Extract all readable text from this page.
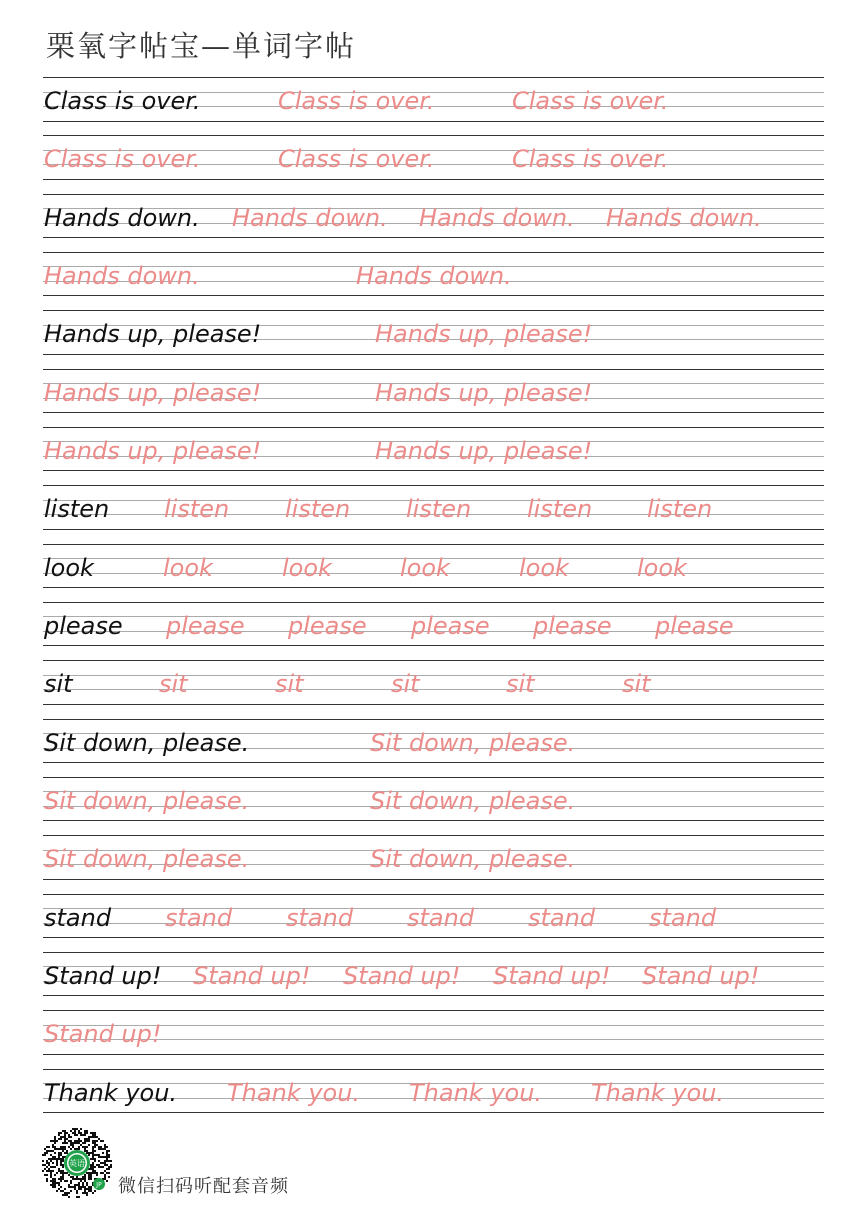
栗氧字帖宝—单词字帖
Class is over.	Class is over.	Class is over.
Class is over.	Class is over.	Class is over.
Hands down. Hands down. Hands down. Hands down.
Hands down.	Hands down.
Hands up, please!	Hands up, please!
Hands up, please!	Hands up, please!
Hands up, please!	Hands up, please!
listen listen listen listen listen listen
look	look	look	look	look	look
please please please please please please
sit	sit	sit	sit	sit	sit
Sit down, please.	Sit down, please.
Sit down, please.	Sit down, please.
Sit down, please.	Sit down, please.
stand stand stand stand stand stand
Stand up! Stand up! Stand up! Stand up! Stand up!
Stand up!
Thank you. Thank you. Thank you. Thank you.
英语
JP 微信扫码听配套音频
